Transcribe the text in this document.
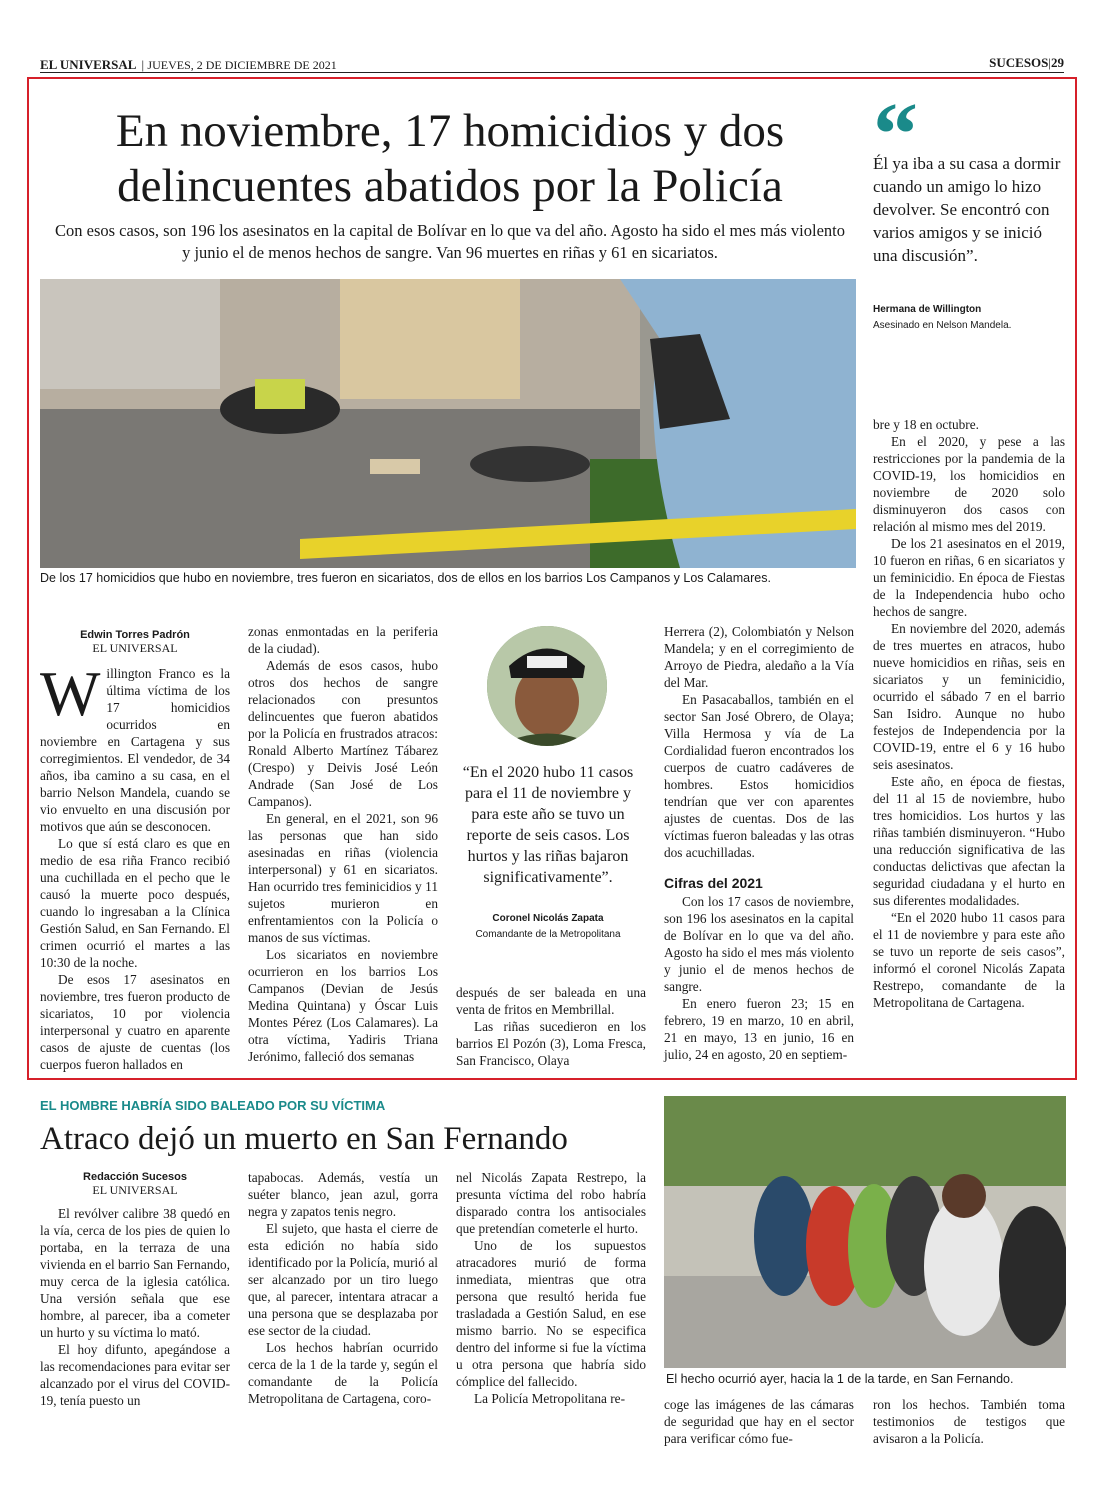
EL UNIVERSAL | JUEVES, 2 DE DICIEMBRE DE 2021	SUCESOS|29
En noviembre, 17 homicidios y dos
delincuentes abatidos por la Policía
Con esos casos, son 196 los asesinatos en la capital de Bolívar en lo que va del año. Agosto ha sido el mes más violento y junio el de menos hechos de sangre. Van 96 muertes en riñas y 61 en sicariatos.
De los 17 homicidios que hubo en noviembre, tres fueron en sicariatos, dos de ellos en los barrios Los Campanos y Los Calamares.
“
Él ya iba a su casa a dormir cuando un amigo lo hizo devolver. Se encontró con varios amigos y se inició una discusión”.
Hermana de Willington
Asesinado en Nelson Mandela.
Edwin Torres Padrón
EL UNIVERSAL

Willington Franco es la última víctima de los 17 homicidios ocurridos en noviembre en Cartagena y sus corregimientos. El vendedor, de 34 años, iba camino a su casa, en el barrio Nelson Mandela, cuando se vio envuelto en una discusión por motivos que aún se desconocen.

Lo que sí está claro es que en medio de esa riña Franco recibió una cuchillada en el pecho que le causó la muerte poco después, cuando lo ingresaban a la Clínica Gestión Salud, en San Fernando. El crimen ocurrió el martes a las 10:30 de la noche.

De esos 17 asesinatos en noviembre, tres fueron producto de sicariatos, 10 por violencia interpersonal y cuatro en aparente casos de ajuste de cuentas (los cuerpos fueron hallados en

zonas enmontadas en la periferia de la ciudad).

Además de esos casos, hubo otros dos hechos de sangre relacionados con presuntos delincuentes que fueron abatidos por la Policía en frustrados atracos: Ronald Alberto Martínez Tábarez (Crespo) y Deivis José León Andrade (San José de Los Campanos).

En general, en el 2021, son 96 las personas que han sido asesinadas en riñas (violencia interpersonal) y 61 en sicariatos. Han ocurrido tres feminicidios y 11 sujetos murieron en enfrentamientos con la Policía o manos de sus víctimas.

Los sicariatos en noviembre ocurrieron en los barrios Los Campanos (Devian de Jesús Medina Quintana) y Óscar Luis Montes Pérez (Los Calamares). La otra víctima, Yadiris Triana Jerónimo, falleció dos semanas

“En el 2020 hubo 11 casos para el 11 de noviembre y para este año se tuvo un reporte de seis casos. Los hurtos y las riñas bajaron significativamente”.
Coronel Nicolás Zapata
Comandante de la Metropolitana

después de ser baleada en una venta de fritos en Membrillal.

Las riñas sucedieron en los barrios El Pozón (3), Loma Fresca, San Francisco, Olaya

Herrera (2), Colombiatón y Nelson Mandela; y en el corregimiento de Arroyo de Piedra, aledaño a la Vía del Mar.

En Pasacaballos, también en el sector San José Obrero, de Olaya; Villa Hermosa y vía de La Cordialidad fueron encontrados los cuerpos de cuatro cadáveres de hombres. Estos homicidios tendrían que ver con aparentes ajustes de cuentas. Dos de las víctimas fueron baleadas y las otras dos acuchilladas.

Cifras del 2021

Con los 17 casos de noviembre, son 196 los asesinatos en la capital de Bolívar en lo que va del año. Agosto ha sido el mes más violento y junio el de menos hechos de sangre.

En enero fueron 23; 15 en febrero, 19 en marzo, 10 en abril, 21 en mayo, 13 en junio, 16 en julio, 24 en agosto, 20 en septiem-

bre y 18 en octubre.

En el 2020, y pese a las restricciones por la pandemia de la COVID-19, los homicidios en noviembre de 2020 solo disminuyeron dos casos con relación al mismo mes del 2019.

De los 21 asesinatos en el 2019, 10 fueron en riñas, 6 en sicariatos y un feminicidio. En época de Fiestas de la Independencia hubo ocho hechos de sangre.

En noviembre del 2020, además de tres muertes en atracos, hubo nueve homicidios en riñas, seis en sicariatos y un feminicidio, ocurrido el sábado 7 en el barrio San Isidro. Aunque no hubo festejos de Independencia por la COVID-19, entre el 6 y 16 hubo seis asesinatos.

Este año, en época de fiestas, del 11 al 15 de noviembre, hubo tres homicidios. Los hurtos y las riñas también disminuyeron. “Hubo una reducción significativa de las conductas delictivas que afectan la seguridad ciudadana y el hurto en sus diferentes modalidades.

“En el 2020 hubo 11 casos para el 11 de noviembre y para este año se tuvo un reporte de seis casos”, informó el coronel Nicolás Zapata Restrepo, comandante de la Metropolitana de Cartagena.

EL HOMBRE HABRÍA SIDO BALEADO POR SU VÍCTIMA
Atraco dejó un muerto en San Fernando
Redacción Sucesos
EL UNIVERSAL

El revólver calibre 38 quedó en la vía, cerca de los pies de quien lo portaba, en la terraza de una vivienda en el barrio San Fernando, muy cerca de la iglesia católica. Una versión señala que ese hombre, al parecer, iba a cometer un hurto y su víctima lo mató.

El hoy difunto, apegándose a las recomendaciones para evitar ser alcanzado por el virus del COVID-19, tenía puesto un

tapabocas. Además, vestía un suéter blanco, jean azul, gorra negra y zapatos tenis negro.

El sujeto, que hasta el cierre de esta edición no había sido identificado por la Policía, murió al ser alcanzado por un tiro luego que, al parecer, intentara atracar a una persona que se desplazaba por ese sector de la ciudad.

Los hechos habrían ocurrido cerca de la 1 de la tarde y, según el comandante de la Policía Metropolitana de Cartagena, coro-

nel Nicolás Zapata Restrepo, la presunta víctima del robo habría disparado contra los antisociales que pretendían cometerle el hurto.

Uno de los supuestos atracadores murió de forma inmediata, mientras que otra persona que resultó herida fue trasladada a Gestión Salud, en ese mismo barrio. No se especifica dentro del informe si fue la víctima u otra persona que habría sido cómplice del fallecido.

La Policía Metropolitana re-

El hecho ocurrió ayer, hacia la 1 de la tarde, en San Fernando.

coge las imágenes de las cámaras de seguridad que hay en el sector para verificar cómo fue-

ron los hechos. También toma testimonios de testigos que avisaron a la Policía.
